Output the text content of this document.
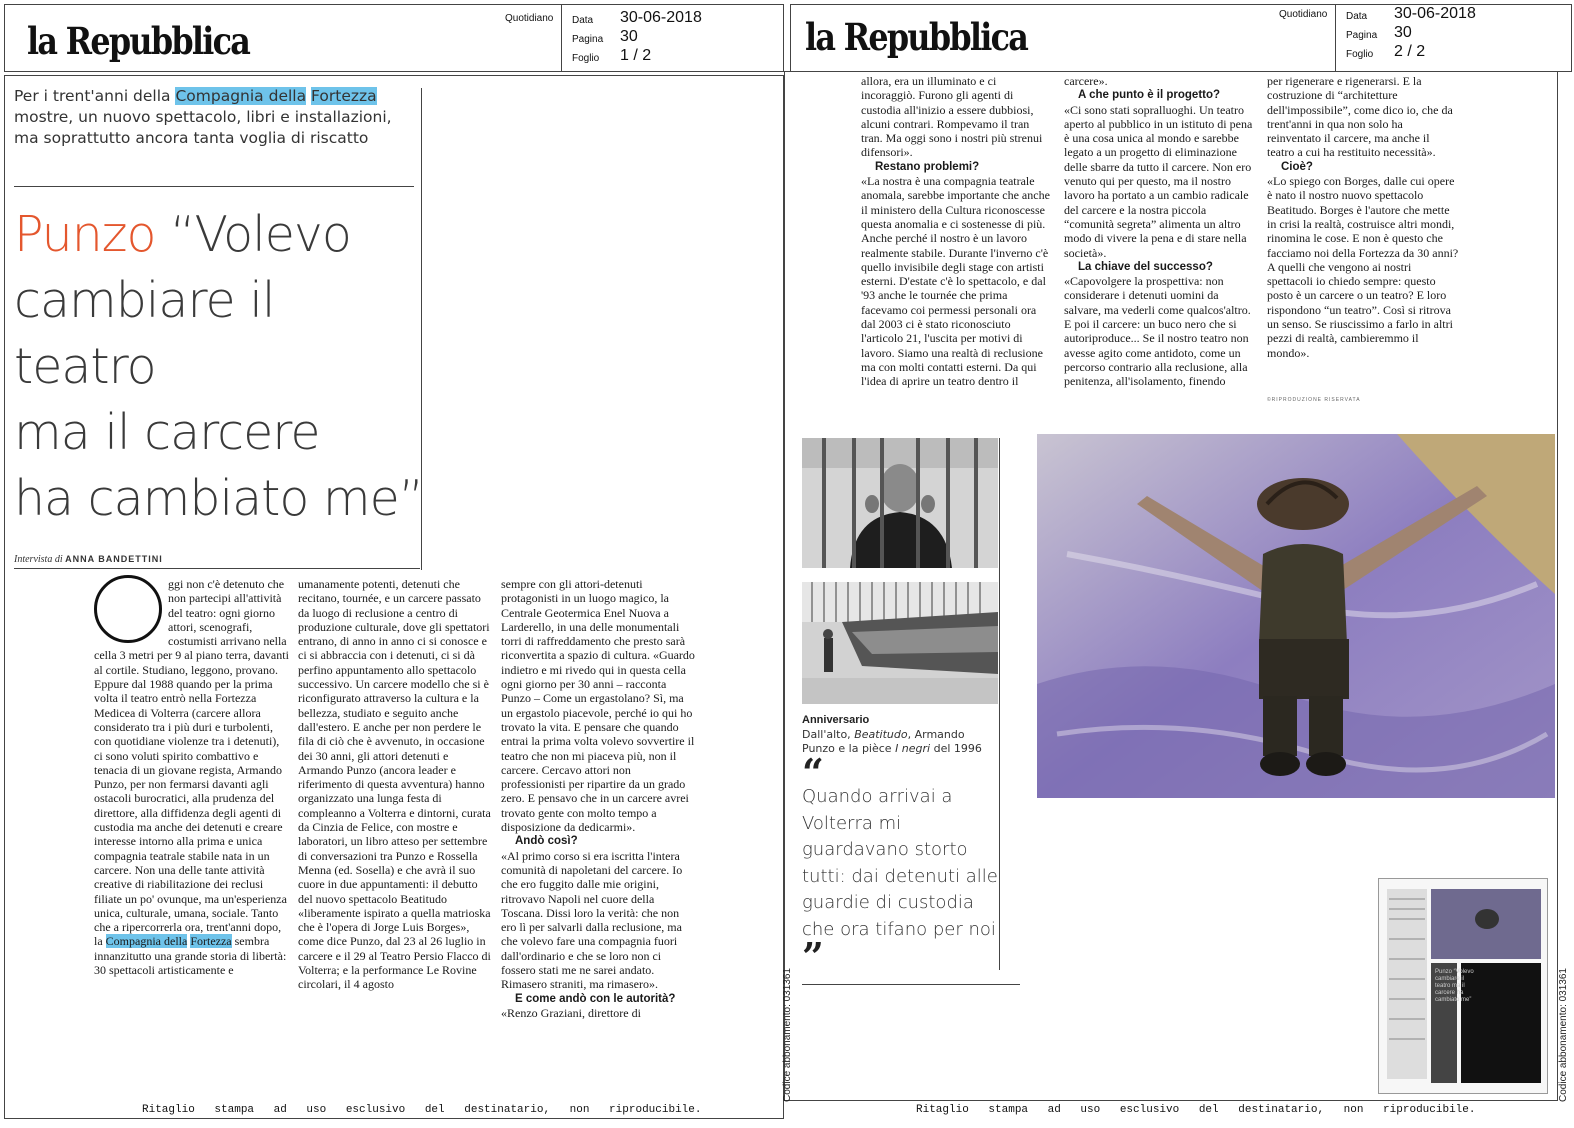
la Repubblica
Quotidiano Data 30-06-2018
Pagina 30
Foglio 1 / 2
Per i trent'anni della Compagnia della Fortezza mostre, un nuovo spettacolo, libri e installazioni, ma soprattutto ancora tanta voglia di riscatto
Punzo “Volevo
cambiare il teatro
ma il carcere
ha cambiato me”
Intervista di ANNA BANDETTINI

ggi non c'è detenuto che non partecipi all'attività del teatro: ogni giorno attori, scenografi, costumisti arrivano nella cella 3 metri per 9 al piano terra, davanti al cortile. Studiano, leggono, provano. Eppure dal 1988 quando per la prima volta il teatro entrò nella Fortezza Medicea di Volterra (carcere allora considerato tra i più duri e turbolenti, con quotidiane violenze tra i detenuti), ci sono voluti spirito combattivo e tenacia di un giovane regista, Armando Punzo, per non fermarsi davanti agli ostacoli burocratici, alla prudenza del direttore, alla diffidenza degli agenti di custodia ma anche dei detenuti e creare interesse intorno alla prima e unica compagnia teatrale stabile nata in un carcere. Non una delle tante attività creative di riabilitazione dei reclusi filiate un po' ovunque, ma un'esperienza unica, culturale, umana, sociale. Tanto che a ripercorrerla ora, trent'anni dopo, la Compagnia della Fortezza sembra innanzitutto una grande storia di libertà: 30 spettacoli artisticamente e

umanamente potenti, detenuti che recitano, tournée, e un carcere passato da luogo di reclusione a centro di produzione culturale, dove gli spettatori entrano, di anno in anno ci si conosce e ci si abbraccia con i detenuti, ci si dà perfino appuntamento allo spettacolo successivo. Un carcere modello che si è riconfigurato attraverso la cultura e la bellezza, studiato e seguito anche dall'estero. E anche per non perdere le fila di ciò che è avvenuto, in occasione dei 30 anni, gli attori detenuti e Armando Punzo (ancora leader e riferimento di questa avventura) hanno organizzato una lunga festa di compleanno a Volterra e dintorni, curata da Cinzia de Felice, con mostre e laboratori, un libro atteso per settembre di conversazioni tra Punzo e Rossella Menna (ed. Sosella) e che avrà il suo cuore in due appuntamenti: il debutto del nuovo spettacolo Beatitudo «liberamente ispirato a quella matrioska che è l'opera di Jorge Luis Borges», come dice Punzo, dal 23 al 26 luglio in carcere e il 29 al Teatro Persio Flacco di Volterra; e la performance Le Rovine circolari, il 4 agosto

sempre con gli attori-detenuti protagonisti in un luogo magico, la Centrale Geotermica Enel Nuova a Larderello, in una delle monumentali torri di raffreddamento che presto sarà riconvertita a spazio di cultura. «Guardo indietro e mi rivedo qui in questa cella ogni giorno per 30 anni – racconta Punzo – Come un ergastolano? Sì, ma un ergastolo piacevole, perché io qui ho trovato la vita. E pensare che quando entrai la prima volta volevo sovvertire il teatro che non mi piaceva più, non il carcere. Cercavo attori non professionisti per ripartire da un grado zero. E pensavo che in un carcere avrei trovato gente con molto tempo a disposizione da dedicarmi».

Andò così?

«Al primo corso si era iscritta l'intera comunità di napoletani del carcere. Io che ero fuggito dalle mie origini, ritrovavo Napoli nel cuore della Toscana. Dissi loro la verità: che non ero lì per salvarli dalla reclusione, ma che volevo fare una compagnia fuori dall'ordinario e che se loro non ci fossero stati me ne sarei andato. Rimasero straniti, ma rimasero».

E come andò con le autorità?

«Renzo Graziani, direttore di

Ritaglio stampa ad uso esclusivo del destinatario, non riproducibile.
la Repubblica
Quotidiano Data 30-06-2018
Pagina 30
Foglio 2 / 2

allora, era un illuminato e ci incoraggiò. Furono gli agenti di custodia all'inizio a essere dubbiosi, alcuni contrari. Rompevamo il tran tran. Ma oggi sono i nostri più strenui difensori».

Restano problemi?

«La nostra è una compagnia teatrale anomala, sarebbe importante che anche il ministero della Cultura riconoscesse questa anomalia e ci sostenesse di più. Anche perché il nostro è un lavoro realmente stabile. Durante l'inverno c'è quello invisibile degli stage con artisti esterni. D'estate c'è lo spettacolo, e dal '93 anche le tournée che prima facevamo coi permessi personali ora dal 2003 ci è stato riconosciuto l'articolo 21, l'uscita per motivi di lavoro. Siamo una realtà di reclusione ma con molti contatti esterni. Da qui l'idea di aprire un teatro dentro il

carcere».

A che punto è il progetto?

«Ci sono stati sopralluoghi. Un teatro aperto al pubblico in un istituto di pena è una cosa unica al mondo e sarebbe legato a un progetto di eliminazione delle sbarre da tutto il carcere. Non ero venuto qui per questo, ma il nostro lavoro ha portato a un cambio radicale del carcere e la nostra piccola “comunità segreta” alimenta un altro modo di vivere la pena e di stare nella società».

La chiave del successo?

«Capovolgere la prospettiva: non considerare i detenuti uomini da salvare, ma vederli come qualcos'altro. E poi il carcere: un buco nero che si autoriproduce... Se il nostro teatro non avesse agito come antidoto, come un percorso contrario alla reclusione, alla penitenza, all'isolamento, finendo

per rigenerare e rigenerarsi. E la costruzione di “architetture dell'impossibile”, come dico io, che da trent'anni in qua non solo ha reinventato il carcere, ma anche il teatro a cui ha restituito necessità».

Cioè?

«Lo spiego con Borges, dalle cui opere è nato il nostro nuovo spettacolo Beatitudo. Borges è l'autore che mette in crisi la realtà, costruisce altri mondi, rinomina le cose. E non è questo che facciamo noi della Fortezza da 30 anni? A quelli che vengono ai nostri spettacoli io chiedo sempre: questo posto è un carcere o un teatro? E loro rispondono “un teatro”. Così si ritrova un senso. Se riuscissimo a farlo in altri pezzi di realtà, cambieremmo il mondo».

©RIPRODUZIONE RISERVATA
Anniversario
Dall'alto, Beatitudo, Armando Punzo e la pièce I negri del 1996
“
Quando arrivai a Volterra mi guardavano storto tutti: dai detenuti alle guardie di custodia che ora tifano per noi
”	Punzo “Volevo cambiare il teatro ma il carcere ha cambiato me”
Codice abbonamento: 031361	Codice abbonamento: 031361
Ritaglio stampa ad uso esclusivo del destinatario, non riproducibile.
